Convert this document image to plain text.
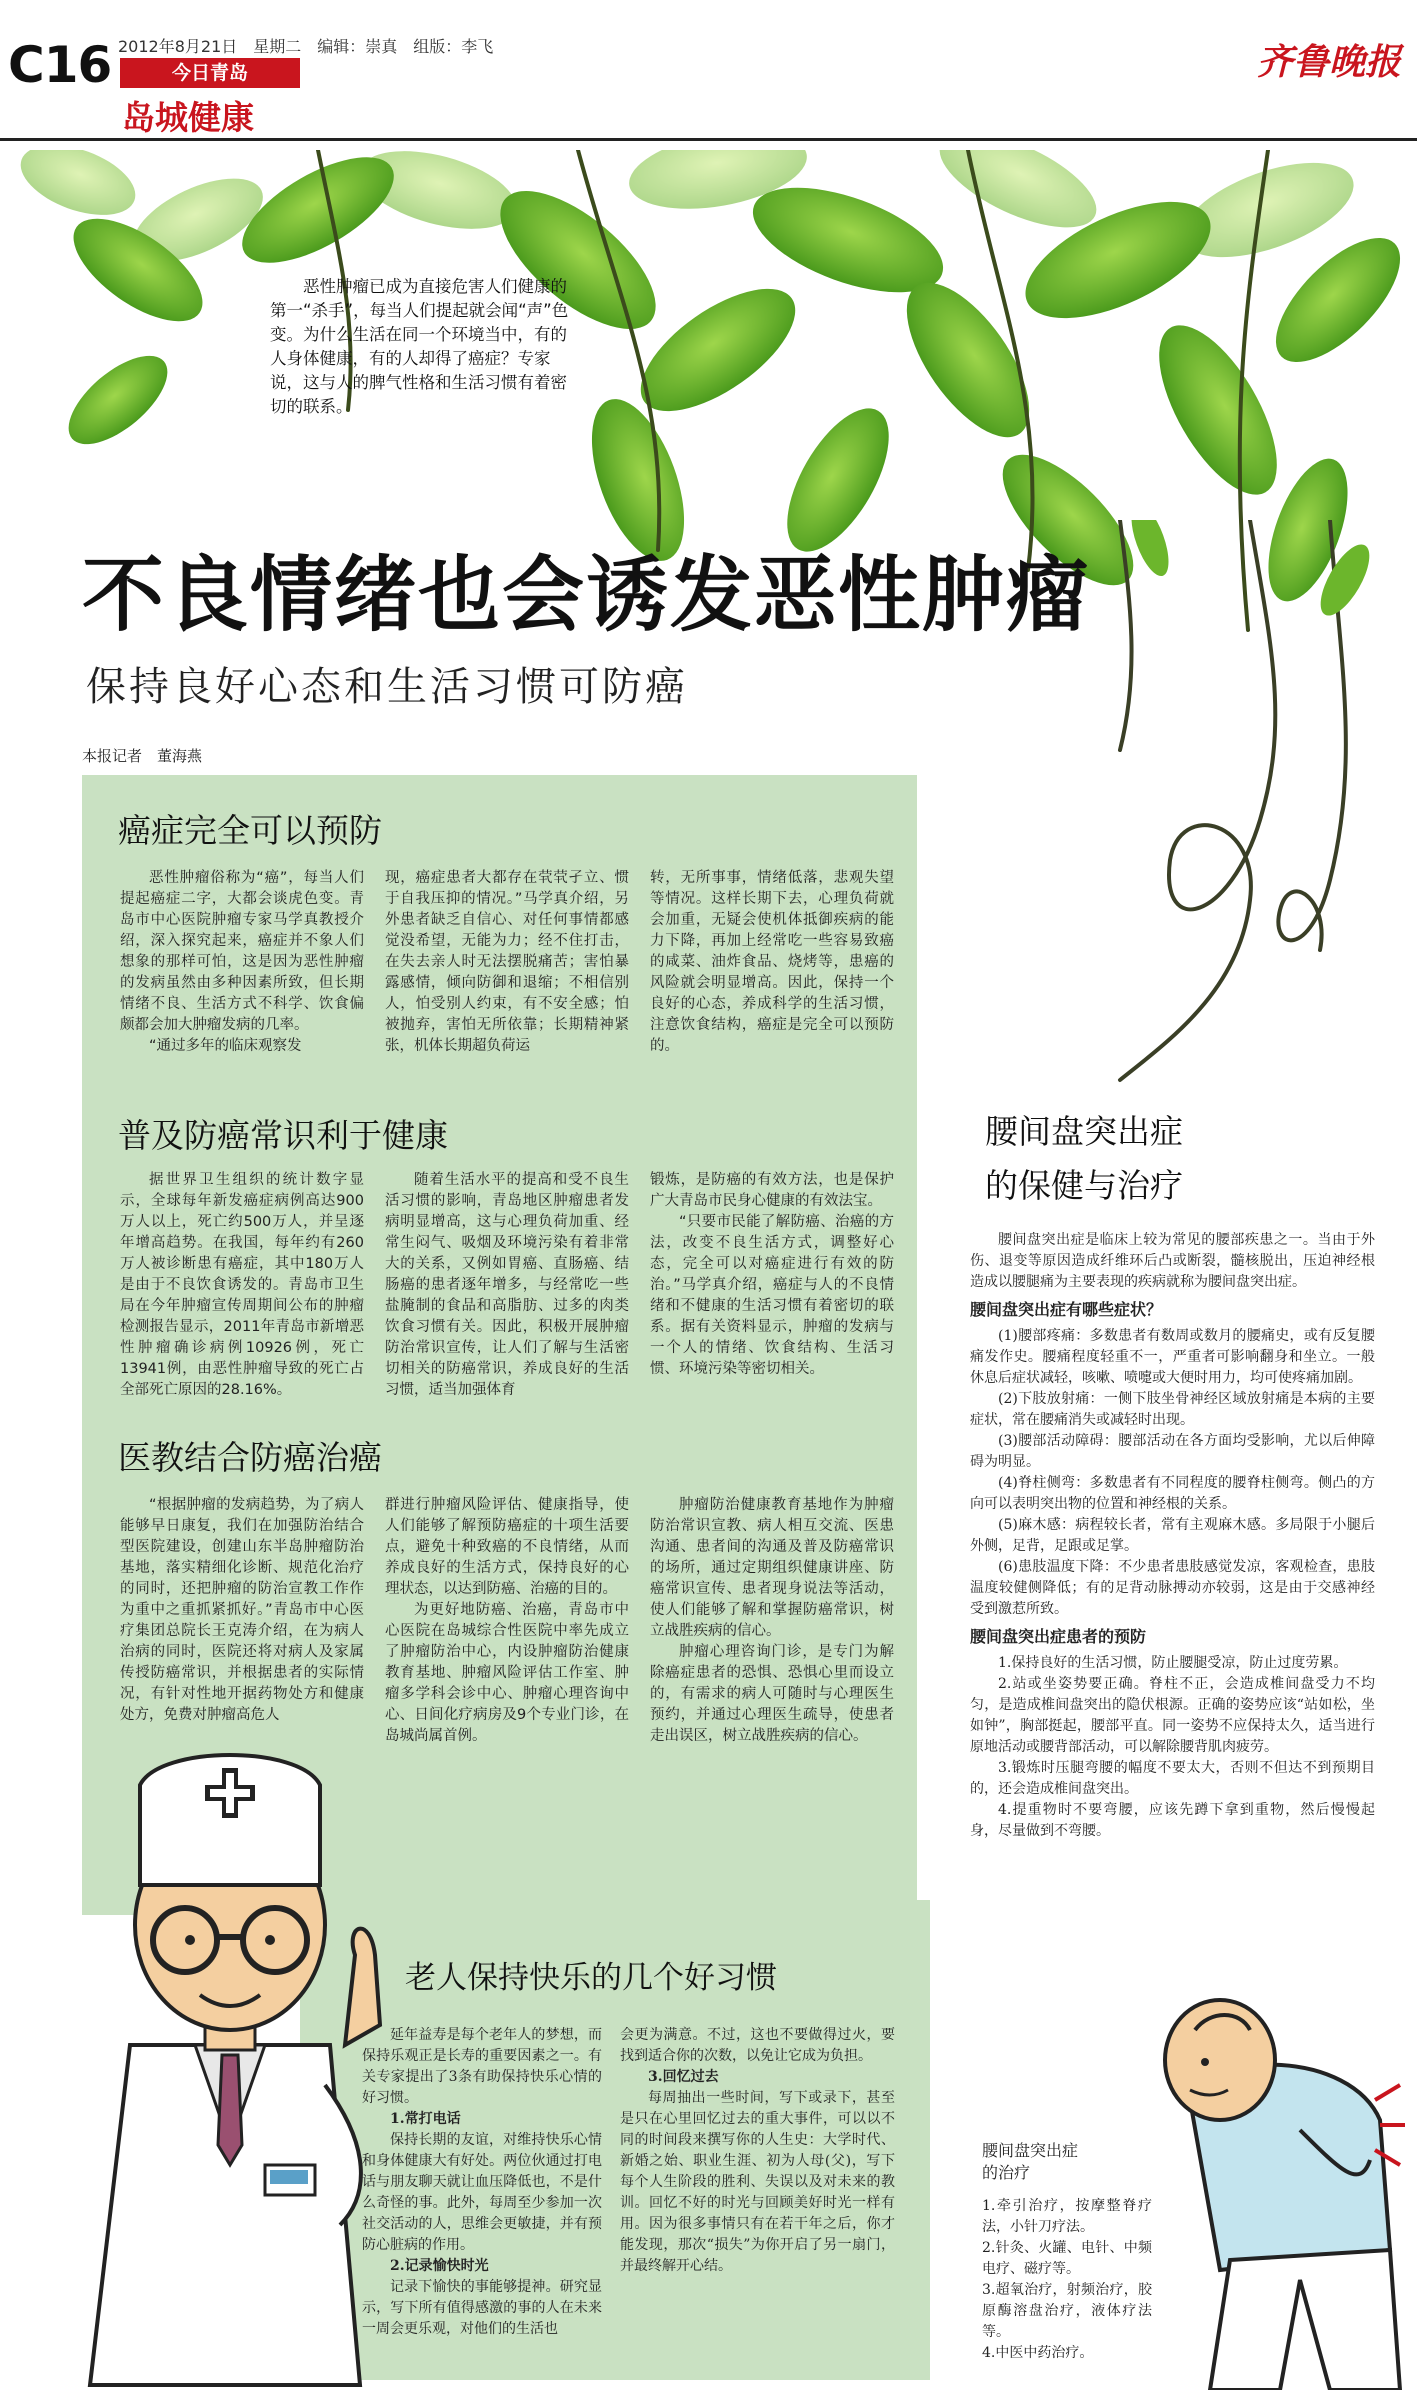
C16 2012年8月21日　星期二　编辑：崇真　组版：李飞
今日青岛
岛城健康
齐鲁晚报
恶性肿瘤已成为直接危害人们健康的第一“杀手”，每当人们提起就会闻“声”色变。为什么生活在同一个环境当中，有的人身体健康，有的人却得了癌症？专家说，这与人的脾气性格和生活习惯有着密切的联系。
不良情绪也会诱发恶性肿瘤
保持良好心态和生活习惯可防癌
本报记者　董海燕
癌症完全可以预防

恶性肿瘤俗称为“癌”，每当人们提起癌症二字，大都会谈虎色变。青岛市中心医院肿瘤专家马学真教授介绍，深入探究起来，癌症并不象人们想象的那样可怕，这是因为恶性肿瘤的发病虽然由多种因素所致，但长期情绪不良、生活方式不科学、饮食偏颇都会加大肿瘤发病的几率。

“通过多年的临床观察发

现，癌症患者大都存在茕茕孑立、惯于自我压抑的情况。”马学真介绍，另外患者缺乏自信心、对任何事情都感觉没希望，无能为力；经不住打击，在失去亲人时无法摆脱痛苦；害怕暴露感情，倾向防御和退缩；不相信别人，怕受别人约束，有不安全感；怕被抛弃，害怕无所依靠；长期精神紧张，机体长期超负荷运

转，无所事事，情绪低落，悲观失望等情况。这样长期下去，心理负荷就会加重，无疑会使机体抵御疾病的能力下降，再加上经常吃一些容易致癌的咸菜、油炸食品、烧烤等，患癌的风险就会明显增高。因此，保持一个良好的心态，养成科学的生活习惯，注意饮食结构，癌症是完全可以预防的。

普及防癌常识利于健康

据世界卫生组织的统计数字显示，全球每年新发癌症病例高达900万人以上，死亡约500万人，并呈逐年增高趋势。在我国，每年约有260万人被诊断患有癌症，其中180万人是由于不良饮食诱发的。青岛市卫生局在今年肿瘤宣传周期间公布的肿瘤检测报告显示，2011年青岛市新增恶性肿瘤确诊病例10926例，死亡13941例，由恶性肿瘤导致的死亡占全部死亡原因的28.16%。

随着生活水平的提高和受不良生活习惯的影响，青岛地区肿瘤患者发病明显增高，这与心理负荷加重、经常生闷气、吸烟及环境污染有着非常大的关系，又例如胃癌、直肠癌、结肠癌的患者逐年增多，与经常吃一些盐腌制的食品和高脂肪、过多的肉类饮食习惯有关。因此，积极开展肿瘤防治常识宣传，让人们了解与生活密切相关的防癌常识，养成良好的生活习惯，适当加强体育

锻炼，是防癌的有效方法，也是保护广大青岛市民身心健康的有效法宝。

“只要市民能了解防癌、治癌的方法，改变不良生活方式，调整好心态，完全可以对癌症进行有效的防治。”马学真介绍，癌症与人的不良情绪和不健康的生活习惯有着密切的联系。据有关资料显示，肿瘤的发病与一个人的情绪、饮食结构、生活习惯、环境污染等密切相关。

医教结合防癌治癌

“根据肿瘤的发病趋势，为了病人能够早日康复，我们在加强防治结合型医院建设，创建山东半岛肿瘤防治基地，落实精细化诊断、规范化治疗的同时，还把肿瘤的防治宣教工作作为重中之重抓紧抓好。”青岛市中心医疗集团总院长王克涛介绍，在为病人治病的同时，医院还将对病人及家属传授防癌常识，并根据患者的实际情况，有针对性地开据药物处方和健康处方，免费对肿瘤高危人

群进行肿瘤风险评估、健康指导，使人们能够了解预防癌症的十项生活要点，避免十种致癌的不良情绪，从而养成良好的生活方式，保持良好的心理状态，以达到防癌、治癌的目的。

为更好地防癌、治癌，青岛市中心医院在岛城综合性医院中率先成立了肿瘤防治中心，内设肿瘤防治健康教育基地、肿瘤风险评估工作室、肿瘤多学科会诊中心、肿瘤心理咨询中心、日间化疗病房及9个专业门诊，在岛城尚属首例。

肿瘤防治健康教育基地作为肿瘤防治常识宣教、病人相互交流、医患沟通、患者间的沟通及普及防癌常识的场所，通过定期组织健康讲座、防癌常识宣传、患者现身说法等活动，使人们能够了解和掌握防癌常识，树立战胜疾病的信心。

肿瘤心理咨询门诊，是专门为解除癌症患者的恐惧、恐惧心里而设立的，有需求的病人可随时与心理医生预约，并通过心理医生疏导，使患者走出误区，树立战胜疾病的信心。

老人保持快乐的几个好习惯

延年益寿是每个老年人的梦想，而保持乐观正是长寿的重要因素之一。有关专家提出了3条有助保持快乐心情的好习惯。

1.常打电话

保持长期的友谊，对维持快乐心情和身体健康大有好处。两位伙通过打电话与朋友聊天就让血压降低也，不是什么奇怪的事。此外，每周至少参加一次社交活动的人，思维会更敏捷，并有预防心脏病的作用。

2.记录愉快时光

记录下愉快的事能够提神。研究显示，写下所有值得感激的事的人在未来一周会更乐观，对他们的生活也

会更为满意。不过，这也不要做得过火，要找到适合你的次数，以免让它成为负担。

3.回忆过去

每周抽出一些时间，写下或录下，甚至是只在心里回忆过去的重大事件，可以以不同的时间段来撰写你的人生史：大学时代、新婚之始、职业生涯、初为人母(父)，写下每个人生阶段的胜利、失误以及对未来的教训。回忆不好的时光与回顾美好时光一样有用。因为很多事情只有在若干年之后，你才能发现，那次“损失”为你开启了另一扇门，并最终解开心结。

腰间盘突出症
的保健与治疗

腰间盘突出症是临床上较为常见的腰部疾患之一。当由于外伤、退变等原因造成纤维环后凸或断裂，髓核脱出，压迫神经根造成以腰腿痛为主要表现的疾病就称为腰间盘突出症。

腰间盘突出症有哪些症状？

(1)腰部疼痛：多数患者有数周或数月的腰痛史，或有反复腰痛发作史。腰痛程度轻重不一，严重者可影响翻身和坐立。一般休息后症状减轻，咳嗽、喷嚏或大便时用力，均可使疼痛加剧。

(2)下肢放射痛：一侧下肢坐骨神经区域放射痛是本病的主要症状，常在腰痛消失或减轻时出现。

(3)腰部活动障碍：腰部活动在各方面均受影响，尤以后伸障碍为明显。

(4)脊柱侧弯：多数患者有不同程度的腰脊柱侧弯。侧凸的方向可以表明突出物的位置和神经根的关系。

(5)麻木感：病程较长者，常有主观麻木感。多局限于小腿后外侧，足背，足跟或足掌。

(6)患肢温度下降：不少患者患肢感觉发凉，客观检查，患肢温度较健侧降低；有的足背动脉搏动亦较弱，这是由于交感神经受到激惹所致。

腰间盘突出症患者的预防

1.保持良好的生活习惯，防止腰腿受凉，防止过度劳累。

2.站或坐姿势要正确。脊柱不正，会造成椎间盘受力不均匀，是造成椎间盘突出的隐伏根源。正确的姿势应该“站如松，坐如钟”，胸部挺起，腰部平直。同一姿势不应保持太久，适当进行原地活动或腰背部活动，可以解除腰背肌肉疲劳。

3.锻炼时压腿弯腰的幅度不要太大，否则不但达不到预期目的，还会造成椎间盘突出。

4.提重物时不要弯腰，应该先蹲下拿到重物，然后慢慢起身，尽量做到不弯腰。

腰间盘突出症
的治疗

1.牵引治疗，按摩整脊疗法，小针刀疗法。

2.针灸、火罐、电针、中频电疗、磁疗等。

3.超氧治疗，射频治疗，胶原酶溶盘治疗，液体疗法等。

4.中医中药治疗。
